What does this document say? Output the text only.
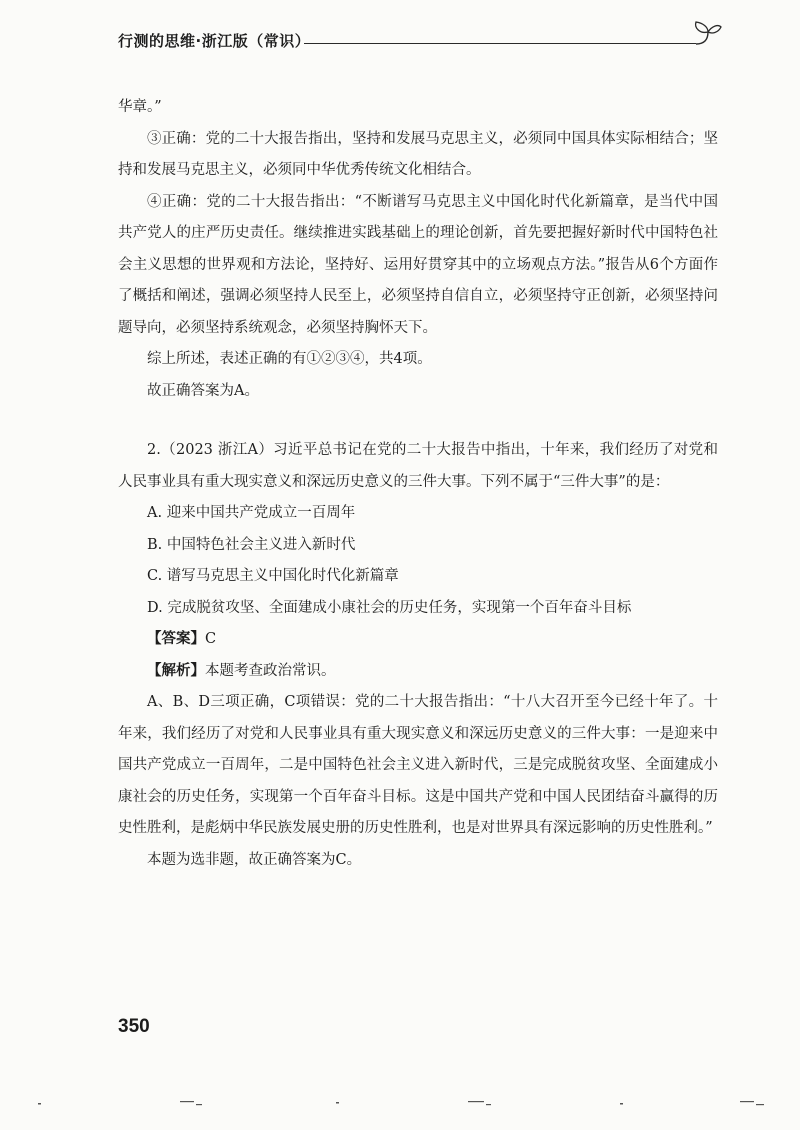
行测的思维·浙江版（常识）

华章。”

③正确：党的二十大报告指出，坚持和发展马克思主义，必须同中国具体实际相结合；坚持和发展马克思主义，必须同中华优秀传统文化相结合。

④正确：党的二十大报告指出：“不断谱写马克思主义中国化时代化新篇章，是当代中国共产党人的庄严历史责任。继续推进实践基础上的理论创新，首先要把握好新时代中国特色社会主义思想的世界观和方法论，坚持好、运用好贯穿其中的立场观点方法。”报告从6个方面作了概括和阐述，强调必须坚持人民至上，必须坚持自信自立，必须坚持守正创新，必须坚持问题导向，必须坚持系统观念，必须坚持胸怀天下。

综上所述，表述正确的有①②③④，共4项。

故正确答案为A。

2.（2023 浙江A）习近平总书记在党的二十大报告中指出，十年来，我们经历了对党和人民事业具有重大现实意义和深远历史意义的三件大事。下列不属于“三件大事”的是：

A. 迎来中国共产党成立一百周年

B. 中国特色社会主义进入新时代

C. 谱写马克思主义中国化时代化新篇章

D. 完成脱贫攻坚、全面建成小康社会的历史任务，实现第一个百年奋斗目标

【答案】C

【解析】本题考查政治常识。

A、B、D三项正确，C项错误：党的二十大报告指出：“十八大召开至今已经十年了。十年来，我们经历了对党和人民事业具有重大现实意义和深远历史意义的三件大事：一是迎来中国共产党成立一百周年，二是中国特色社会主义进入新时代，三是完成脱贫攻坚、全面建成小康社会的历史任务，实现第一个百年奋斗目标。这是中国共产党和中国人民团结奋斗赢得的历史性胜利，是彪炳中华民族发展史册的历史性胜利，也是对世界具有深远影响的历史性胜利。”

本题为选非题，故正确答案为C。

350
